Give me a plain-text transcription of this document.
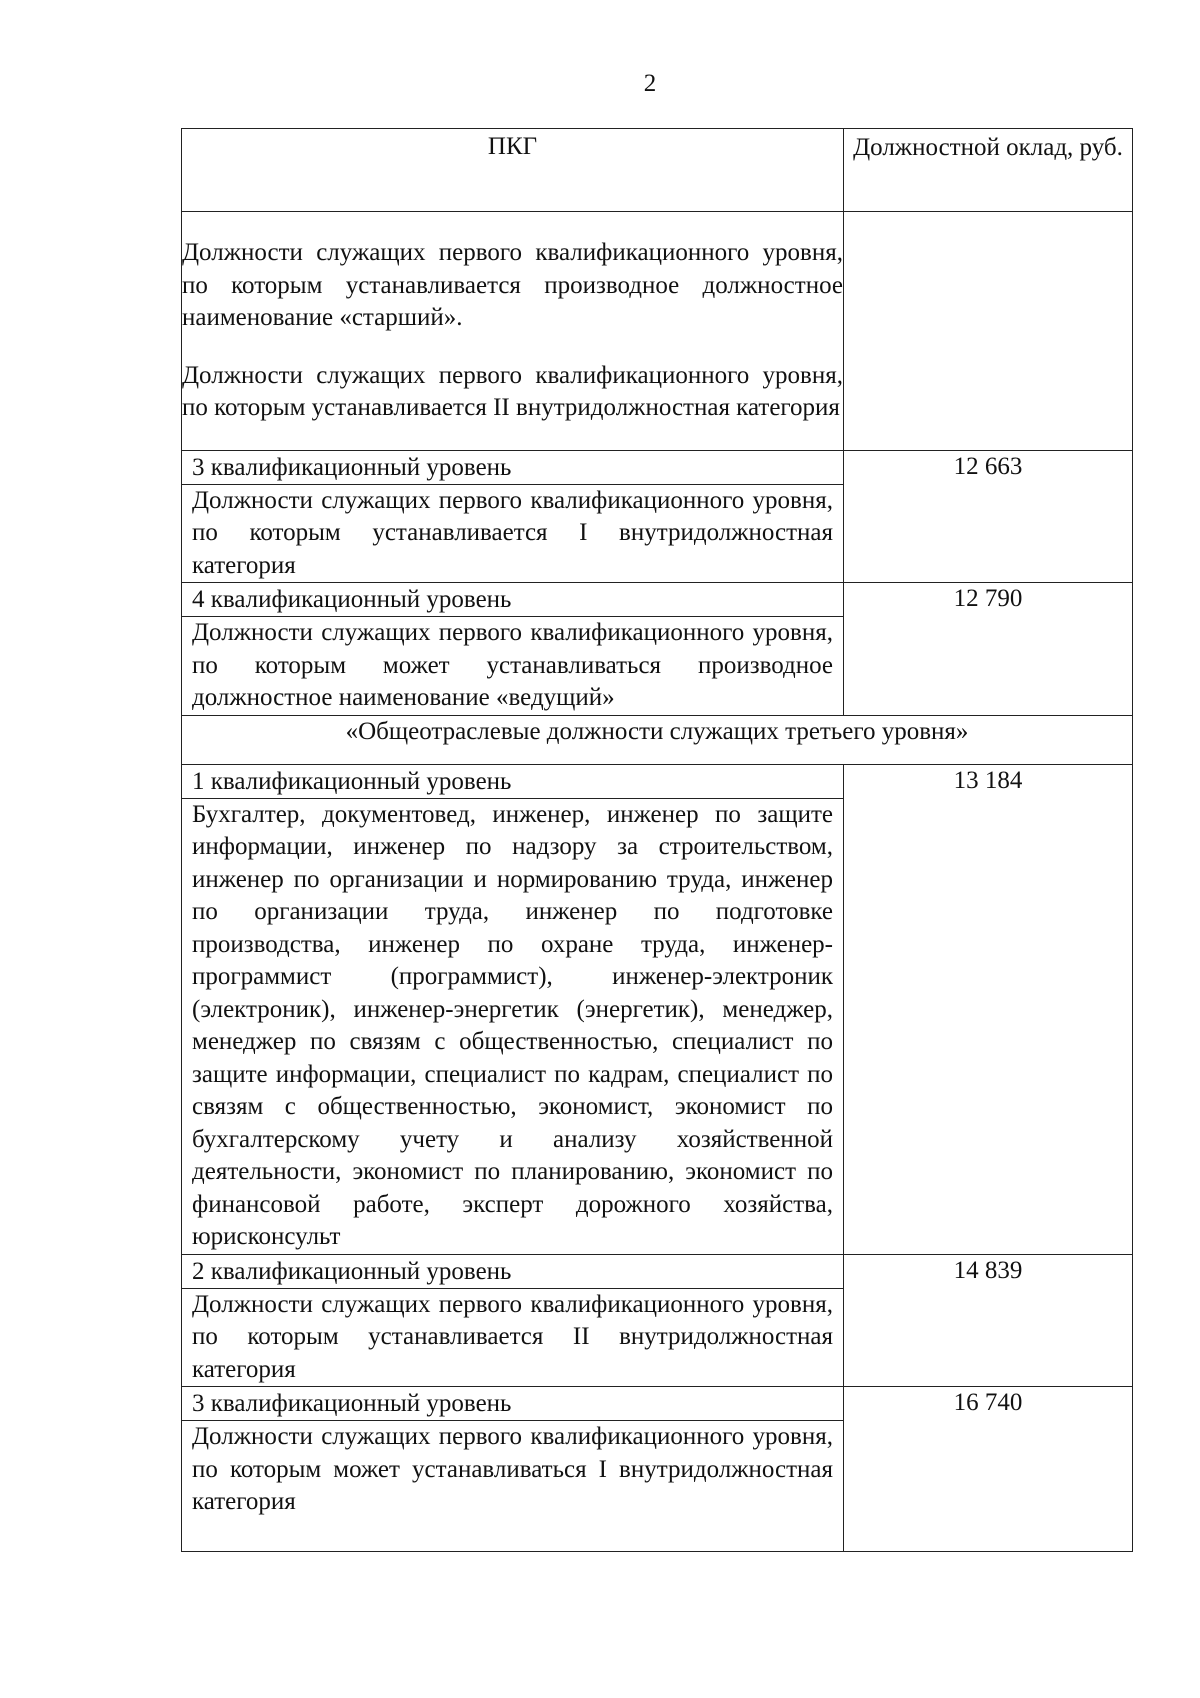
2
ПКГ	Должностной оклад, руб.

Должности служащих первого квалификационного уровня, по которым устанавливается производное должностное наименование «старший».

Должности служащих первого квалификационного уровня, по которым устанавливается II внутридолжностная категория	

3 квалификационный уровень
Должности служащих первого квалификационного уровня, по которым устанавливается I внутридолжностная категория	12 663

4 квалификационный уровень
Должности служащих первого квалификационного уровня, по которым может устанавливаться производное должностное наименование «ведущий»	12 790
«Общеотраслевые должности служащих третьего уровня»	

1 квалификационный уровень
Бухгалтер, документовед, инженер, инженер по защите информации, инженер по надзору за строительством, инженер по организации и нормированию труда, инженер по организации труда, инженер по подготовке производства, инженер по охране труда, инженер-программист (программист), инженер-электроник (электроник), инженер-энергетик (энергетик), менеджер, менеджер по связям с общественностью, специалист по защите информации, специалист по кадрам, специалист по связям с общественностью, экономист, экономист по бухгалтерскому учету и анализу хозяйственной деятельности, экономист по планированию, экономист по финансовой работе, эксперт дорожного хозяйства, юрисконсульт	13 184

2 квалификационный уровень
Должности служащих первого квалификационного уровня, по которым устанавливается II внутридолжностная категория	14 839

3 квалификационный уровень
Должности служащих первого квалификационного уровня, по которым может устанавливаться I внутридолжностная категория	16 740
